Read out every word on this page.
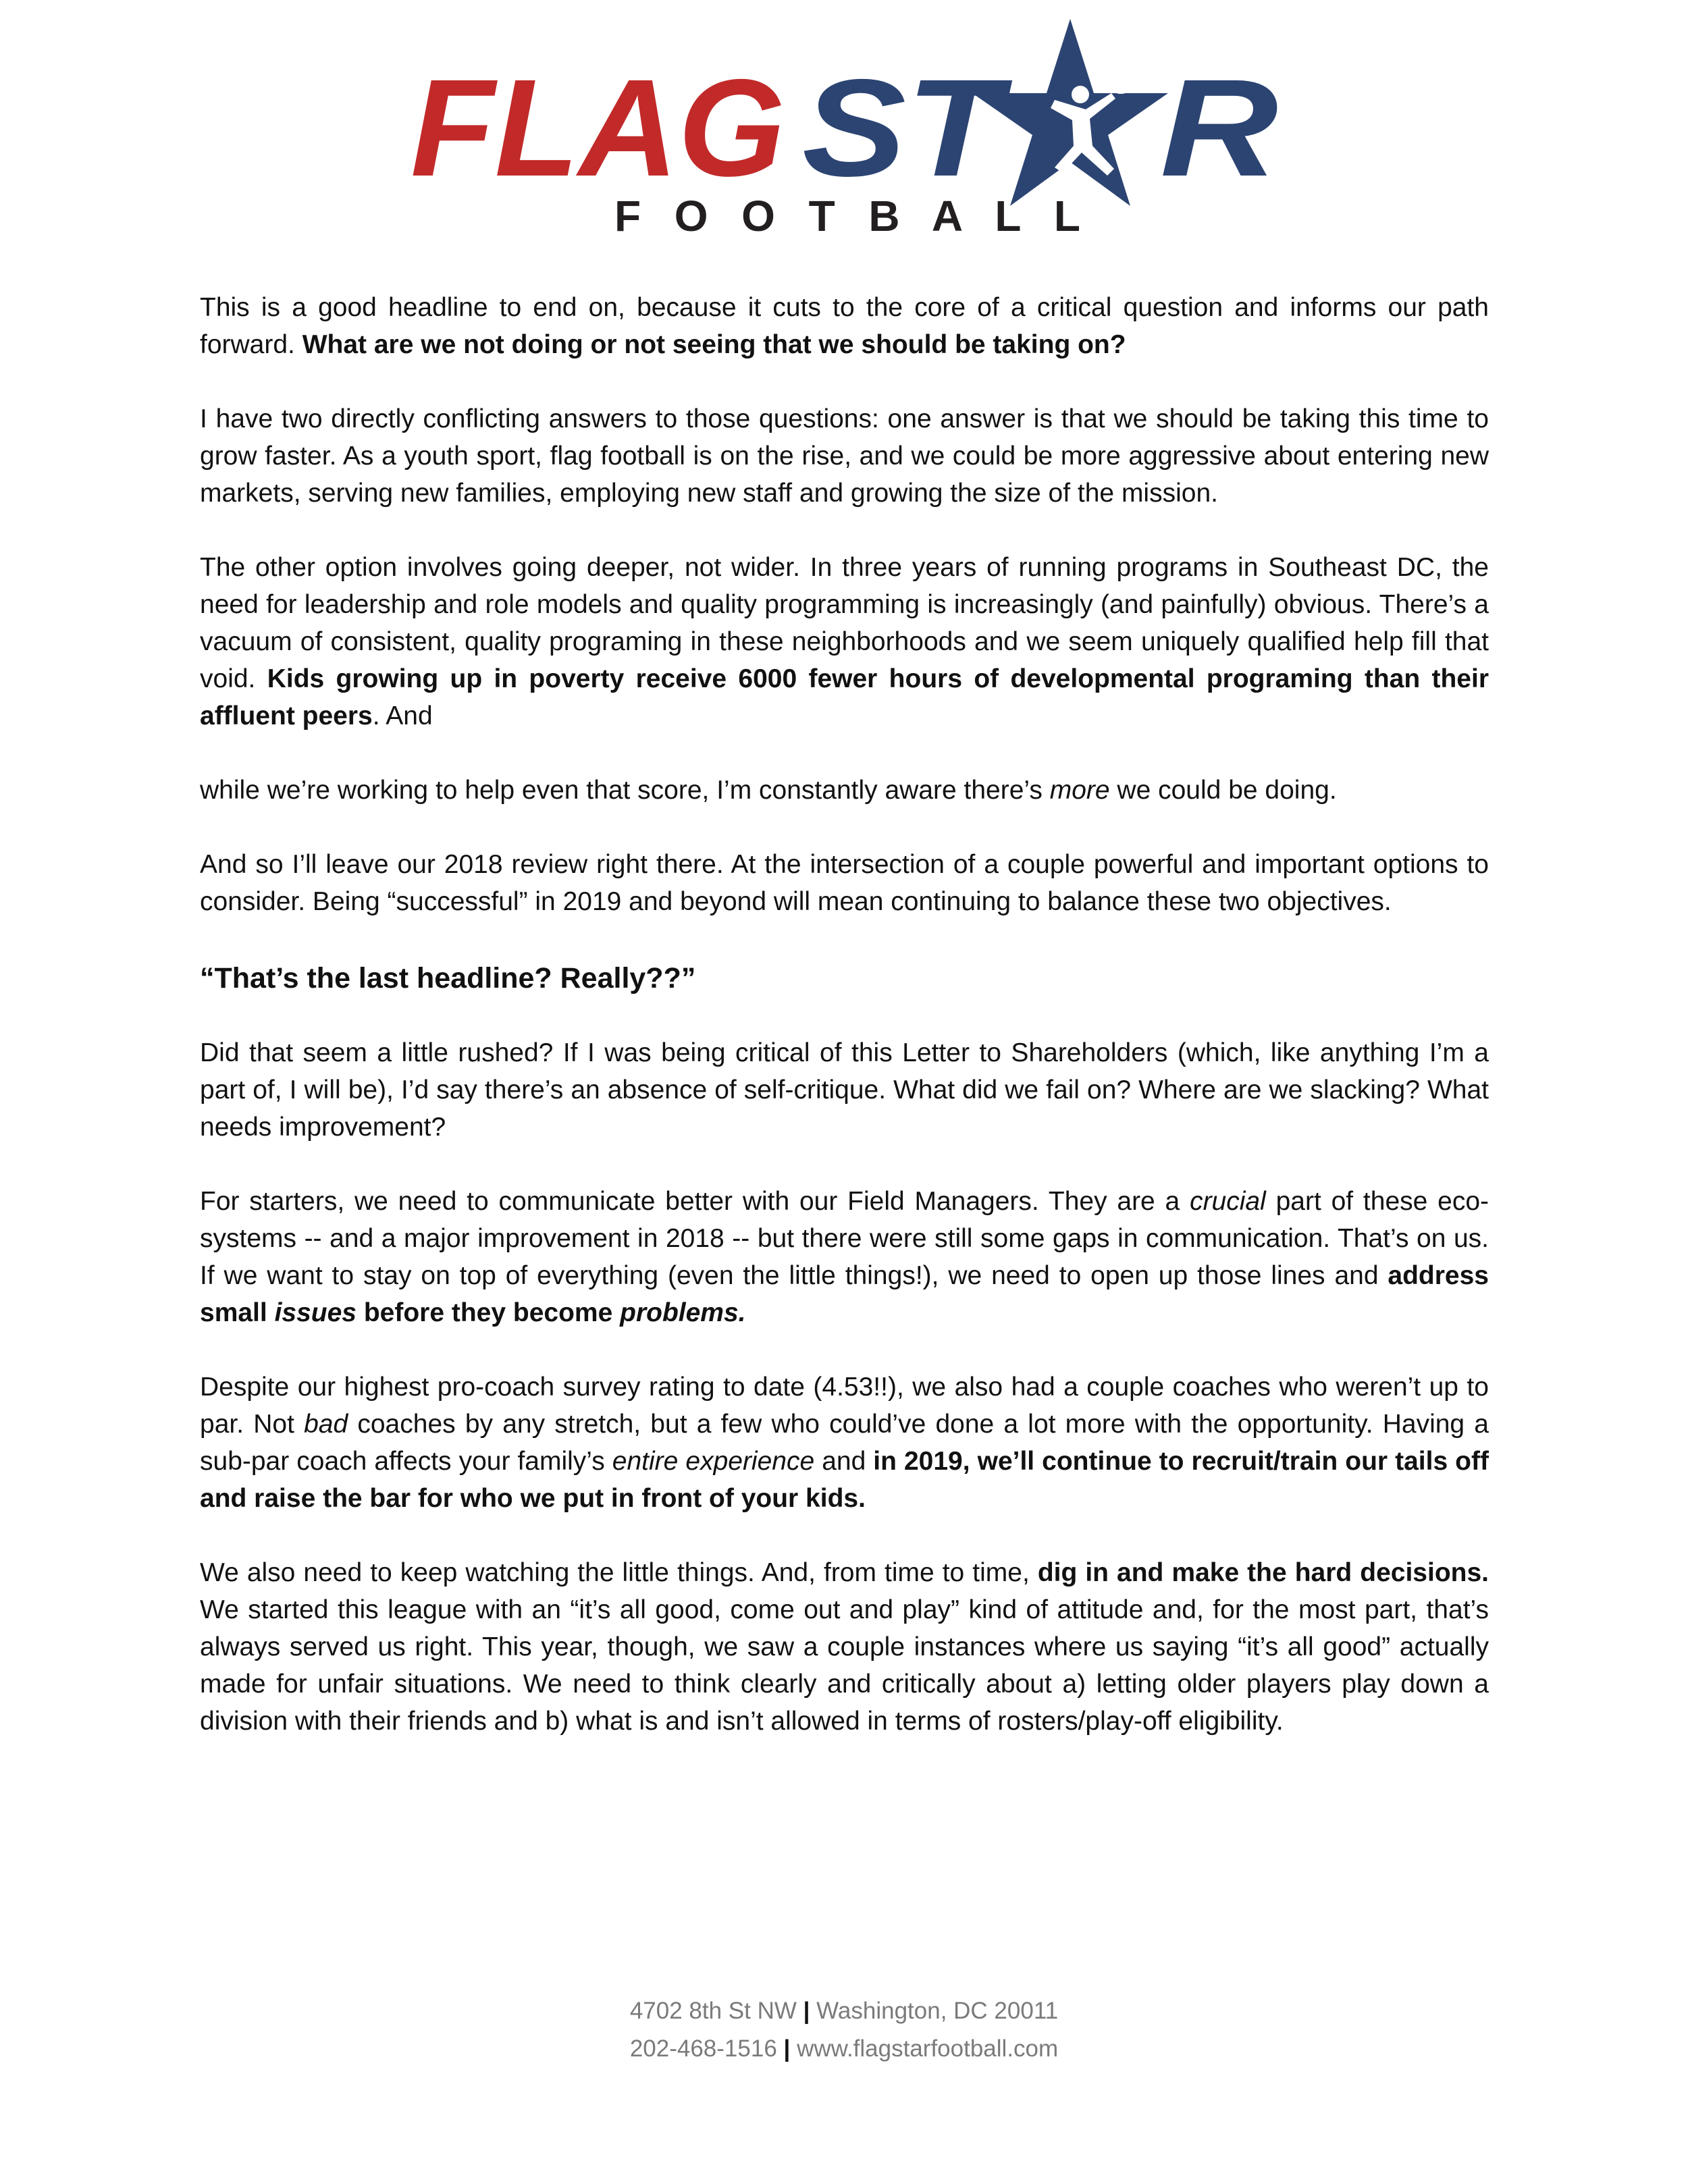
FLAG ST R
F O O T B A L L

This is a good headline to end on, because it cuts to the core of a critical question and informs our path forward. What are we not doing or not seeing that we should be taking on?

I have two directly conflicting answers to those questions: one answer is that we should be taking this time to grow faster. As a youth sport, flag football is on the rise, and we could be more aggressive about entering new markets, serving new families, employing new staff and growing the size of the mission.

The other option involves going deeper, not wider. In three years of running programs in Southeast DC, the need for leadership and role models and quality programming is increasingly (and painfully) obvious. There’s a vacuum of consistent, quality programing in these neighborhoods and we seem uniquely qualified help fill that void. Kids growing up in poverty receive 6000 fewer hours of developmental programing than their affluent peers. And

while we’re working to help even that score, I’m constantly aware there’s more we could be doing.

And so I’ll leave our 2018 review right there. At the intersection of a couple powerful and important options to consider. Being “successful” in 2019 and beyond will mean continuing to balance these two objectives.

“That’s the last headline? Really??”

Did that seem a little rushed? If I was being critical of this Letter to Shareholders (which, like anything I’m a part of, I will be), I’d say there’s an absence of self-critique. What did we fail on? Where are we slacking? What needs improvement?

For starters, we need to communicate better with our Field Managers. They are a crucial part of these eco-systems -- and a major improvement in 2018 -- but there were still some gaps in communication. That’s on us. If we want to stay on top of everything (even the little things!), we need to open up those lines and address small issues before they become problems.

Despite our highest pro-coach survey rating to date (4.53!!), we also had a couple coaches who weren’t up to par. Not bad coaches by any stretch, but a few who could’ve done a lot more with the opportunity. Having a sub-par coach affects your family’s entire experience and in 2019, we’ll continue to recruit/train our tails off and raise the bar for who we put in front of your kids.

We also need to keep watching the little things. And, from time to time, dig in and make the hard decisions. We started this league with an “it’s all good, come out and play” kind of attitude and, for the most part, that’s always served us right. This year, though, we saw a couple instances where us saying “it’s all good” actually made for unfair situations. We need to think clearly and critically about a) letting older players play down a division with their friends and b) what is and isn’t allowed in terms of rosters/play-off eligibility.

4702 8th St NW | Washington, DC 20011
202-468-1516 | www.flagstarfootball.com
